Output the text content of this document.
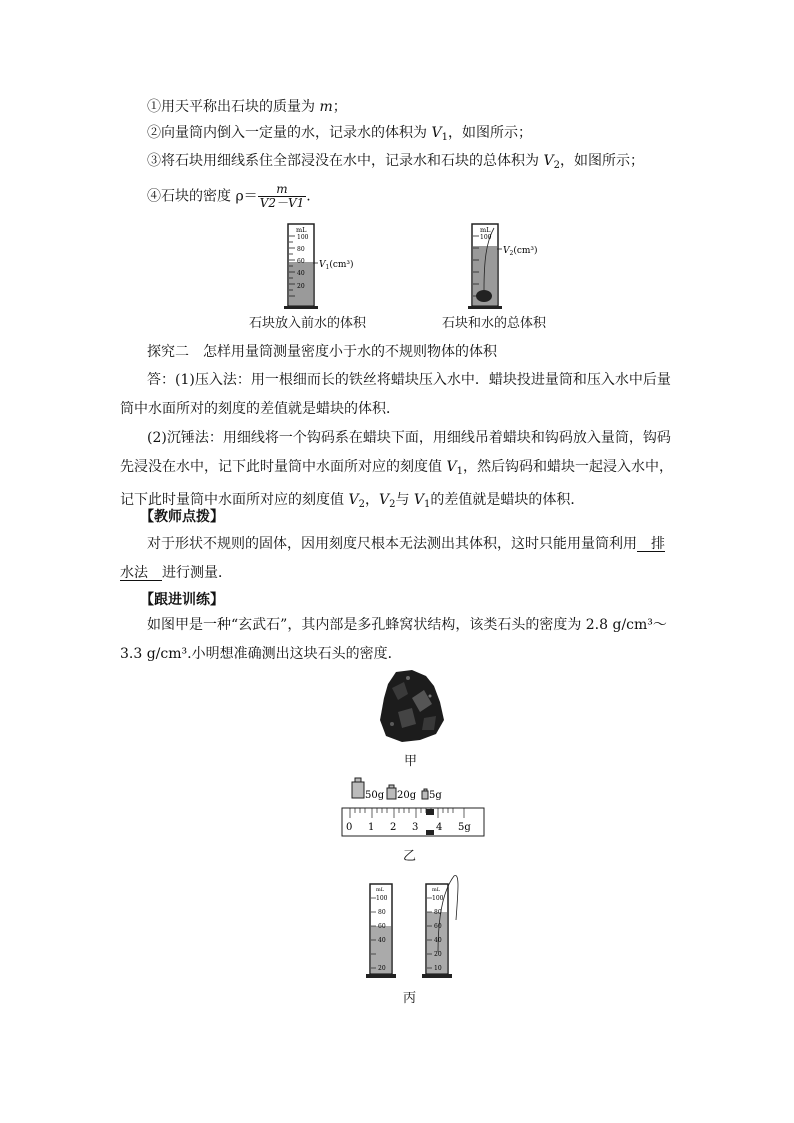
①用天平称出石块的质量为 m；
②向量筒内倒入一定量的水，记录水的体积为 $V_1$，如图所示；
③将石块用细线系住全部浸没在水中，记录水和石块的总体积为 $V_2$，如图所示；
④石块的密度 $\rho= \frac{m}{V2-V1}$ .
mL
100
80
60
40
20
$V_1(cm^3)$
mL
100
$V_2(cm^3)$
石块放入前水的体积	石块和水的总体积
探究二　怎样用量筒测量密度小于水的不规则物体的体积
答：(1)压入法：用一根细而长的铁丝将蜡块压入水中．蜡块投进量筒和压入水中后量筒中水面所对的刻度的差值就是蜡块的体积．
(2)沉锤法：用细线将一个钩码系在蜡块下面，用细线吊着蜡块和钩码放入量筒，钩码先浸没在水中，记下此时量筒中水面所对应的刻度值 $V_1$，然后钩码和蜡块一起浸入水中，记下此时量筒中水面所对应的刻度值 $V_2$，$V_2$与 $V_1$的差值就是蜡块的体积．
【教师点拨】
对于形状不规则的固体，因用刻度尺根本无法测出其体积，这时只能用量筒利用　排水法　进行测量．
【跟进训练】
如图甲是一种“玄武石”，其内部是多孔蜂窝状结构，该类石头的密度为 2.8 g/cm³～3.3 g/cm³.小明想准确测出这块石头的密度．
甲
50g 20g 5g
0 1 2 3 4 5g
乙
mL
100
80
60
40
20
mL
100
80
60
40
20
10
丙
